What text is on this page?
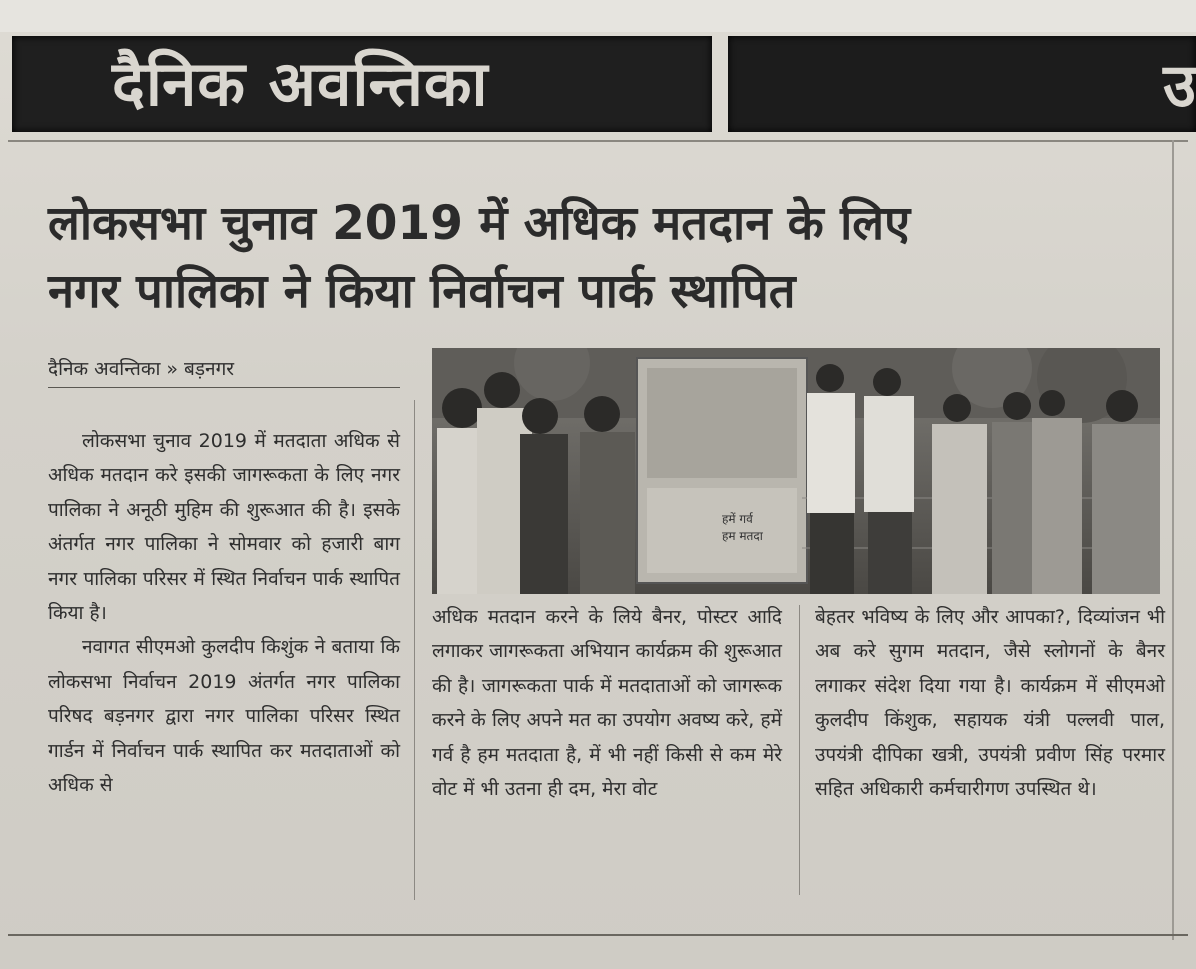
दैनिक अवन्तिका	उ
लोकसभा चुनाव 2019 में अधिक मतदान के लिए
नगर पालिका ने किया निर्वाचन पार्क स्थापित
दैनिक अवन्तिका » बड़नगर

लोकसभा चुनाव 2019 में मतदाता अधिक से अधिक मतदान करे इसकी जागरूकता के लिए नगर पालिका ने अनूठी मुहिम की शुरूआत की है। इसके अंतर्गत नगर पालिका ने सोमवार को हजारी बाग नगर पालिका परिसर में स्थित निर्वाचन पार्क स्थापित किया है।

नवागत सीएमओ कुलदीप किशुंक ने बताया कि लोकसभा निर्वाचन 2019 अंतर्गत नगर पालिका परिषद बड़नगर द्वारा नगर पालिका परिसर स्थित गार्डन में निर्वाचन पार्क स्थापित कर मतदाताओं को अधिक से

हमें गर्व
हम मतदा

अधिक मतदान करने के लिये बैनर, पोस्टर आदि लगाकर जागरूकता अभियान कार्यक्रम की शुरूआत की है। जागरूकता पार्क में मतदाताओं को जागरूक करने के लिए अपने मत का उपयोग अवष्य करे, हमें गर्व है हम मतदाता है, में भी नहीं किसी से कम मेरे वोट में भी उतना ही दम, मेरा वोट

बेहतर भविष्य के लिए और आपका?, दिव्यांजन भी अब करे सुगम मतदान, जैसे स्लोगनों के बैनर लगाकर संदेश दिया गया है। कार्यक्रम में सीएमओ कुलदीप किंशुक, सहायक यंत्री पल्लवी पाल, उपयंत्री दीपिका खत्री, उपयंत्री प्रवीण सिंह परमार सहित अधिकारी कर्मचारीगण उपस्थित थे।
